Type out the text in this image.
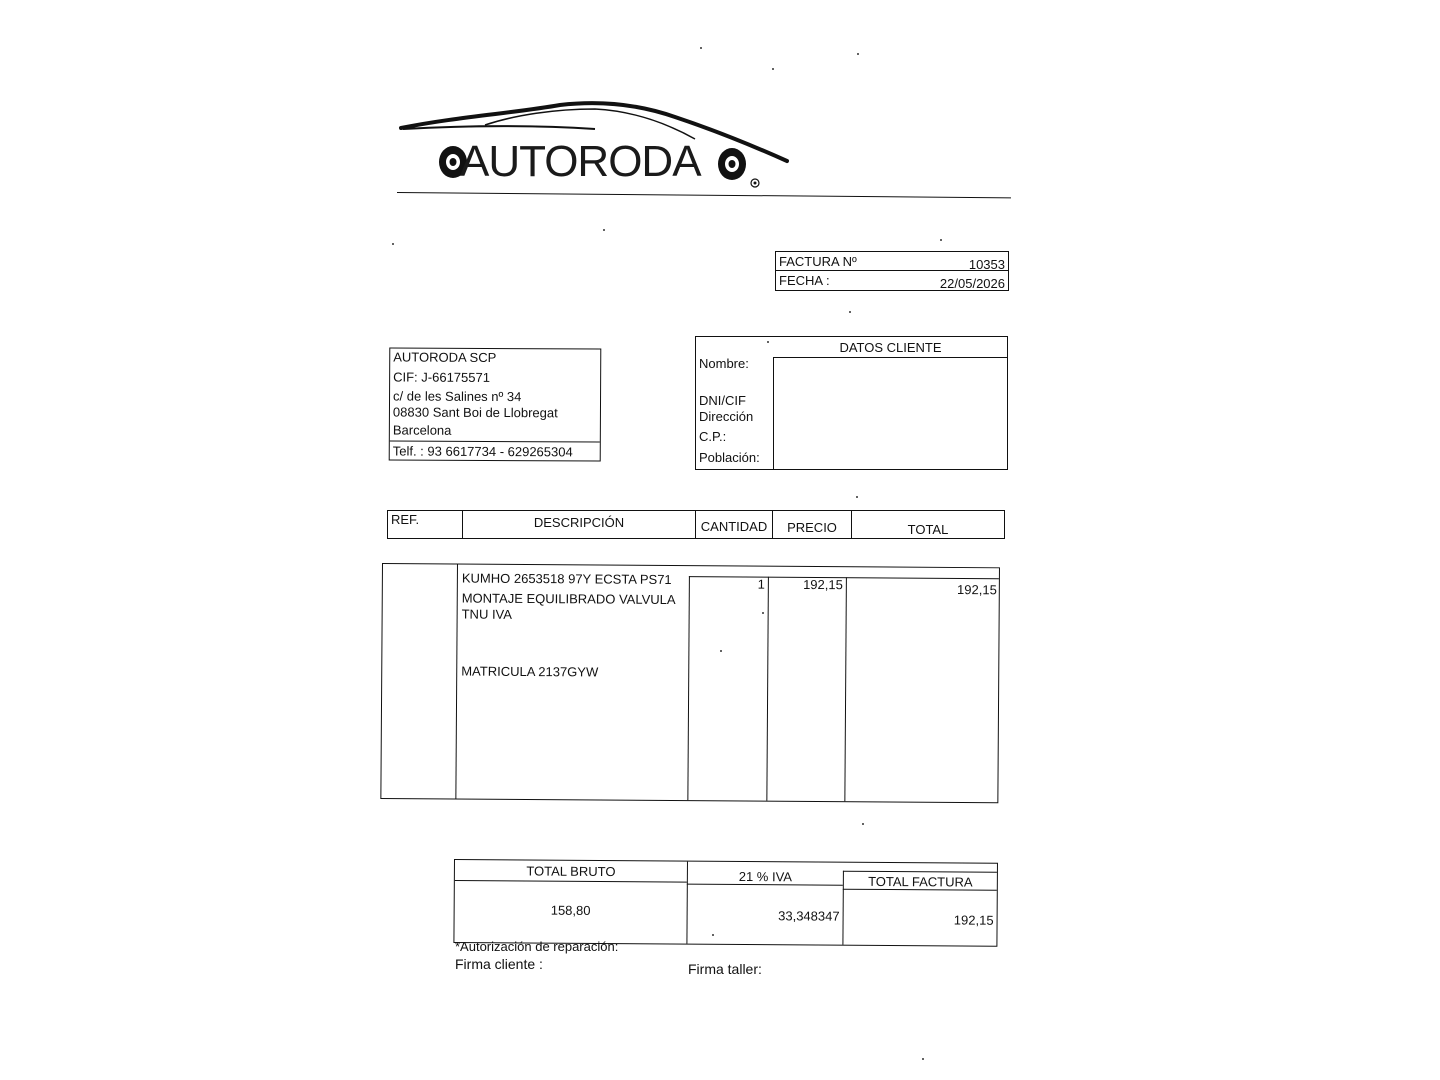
AUTORODA
FACTURA Nº	10353
FECHA :	22/05/2026
AUTORODA SCP
CIF: J-66175571
c/ de les Salines nº 34
08830 Sant Boi de Llobregat
Barcelona
Telf. : 93 6617734 - 629265304
DATOS CLIENTE
Nombre:
DNI/CIF
Dirección
C.P.:
Población:
REF.	DESCRIPCIÓN	CANTIDAD	PRECIO	TOTAL
KUMHO 2653518 97Y ECSTA PS71
MONTAJE EQUILIBRADO VALVULA
TNU IVA
1	192,15	192,15
MATRICULA 2137GYW
TOTAL BRUTO	21 % IVA	TOTAL FACTURA
158,80	33,348347	192,15
*Autorización de reparación:
Firma cliente :	Firma taller:
